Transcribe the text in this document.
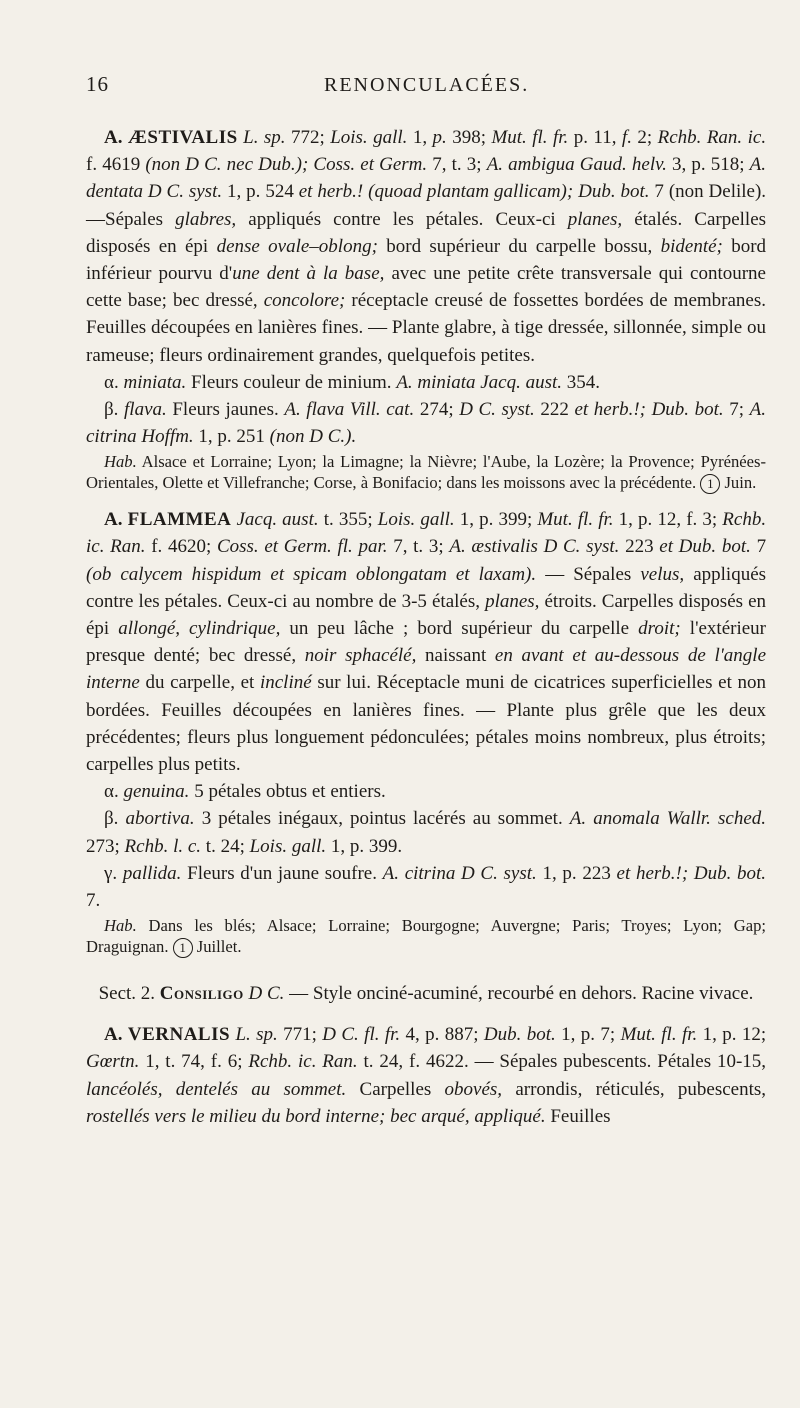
16	RENONCULACÉES.

A. ÆSTIVALIS L. sp. 772; Lois. gall. 1, p. 398; Mut. fl. fr. p. 11, f. 2; Rchb. Ran. ic. f. 4619 (non D C. nec Dub.); Coss. et Germ. 7, t. 3; A. ambigua Gaud. helv. 3, p. 518; A. dentata D C. syst. 1, p. 524 et herb.! (quoad plantam gallicam); Dub. bot. 7 (non Delile).—Sépales glabres, appliqués contre les pétales. Ceux-ci planes, étalés. Carpelles disposés en épi dense ovale–oblong; bord supérieur du carpelle bossu, bidenté; bord inférieur pourvu d'une dent à la base, avec une petite crête transversale qui contourne cette base; bec dressé, concolore; réceptacle creusé de fossettes bordées de membranes. Feuilles découpées en lanières fines. — Plante glabre, à tige dressée, sillonnée, simple ou rameuse; fleurs ordinairement grandes, quelquefois petites.

α. miniata. Fleurs couleur de minium. A. miniata Jacq. aust. 354.

β. flava. Fleurs jaunes. A. flava Vill. cat. 274; D C. syst. 222 et herb.!; Dub. bot. 7; A. citrina Hoffm. 1, p. 251 (non D C.).

Hab. Alsace et Lorraine; Lyon; la Limagne; la Nièvre; l'Aube, la Lozère; la Provence; Pyrénées-Orientales, Olette et Villefranche; Corse, à Bonifacio; dans les moissons avec la précédente. 1 Juin.

A. FLAMMEA Jacq. aust. t. 355; Lois. gall. 1, p. 399; Mut. fl. fr. 1, p. 12, f. 3; Rchb. ic. Ran. f. 4620; Coss. et Germ. fl. par. 7, t. 3; A. æstivalis D C. syst. 223 et Dub. bot. 7 (ob calycem hispidum et spicam oblongatam et laxam). — Sépales velus, appliqués contre les pétales. Ceux-ci au nombre de 3-5 étalés, planes, étroits. Carpelles disposés en épi allongé, cylindrique, un peu lâche ; bord supérieur du carpelle droit; l'extérieur presque denté; bec dressé, noir sphacélé, naissant en avant et au-dessous de l'angle interne du carpelle, et incliné sur lui. Réceptacle muni de cicatrices superficielles et non bordées. Feuilles découpées en lanières fines. — Plante plus grêle que les deux précédentes; fleurs plus longuement pédonculées; pétales moins nombreux, plus étroits; carpelles plus petits.

α. genuina. 5 pétales obtus et entiers.

β. abortiva. 3 pétales inégaux, pointus lacérés au sommet. A. anomala Wallr. sched. 273; Rchb. l. c. t. 24; Lois. gall. 1, p. 399.

γ. pallida. Fleurs d'un jaune soufre. A. citrina D C. syst. 1, p. 223 et herb.!; Dub. bot. 7.

Hab. Dans les blés; Alsace; Lorraine; Bourgogne; Auvergne; Paris; Troyes; Lyon; Gap; Draguignan. 1 Juillet.

Sect. 2. Consiligo D C. — Style onciné-acuminé, recourbé en dehors. Racine vivace.

A. VERNALIS L. sp. 771; D C. fl. fr. 4, p. 887; Dub. bot. 1, p. 7; Mut. fl. fr. 1, p. 12; Gœrtn. 1, t. 74, f. 6; Rchb. ic. Ran. t. 24, f. 4622. — Sépales pubescents. Pétales 10-15, lancéolés, dentelés au sommet. Carpelles obovés, arrondis, réticulés, pubescents, rostellés vers le milieu du bord interne; bec arqué, appliqué. Feuilles
